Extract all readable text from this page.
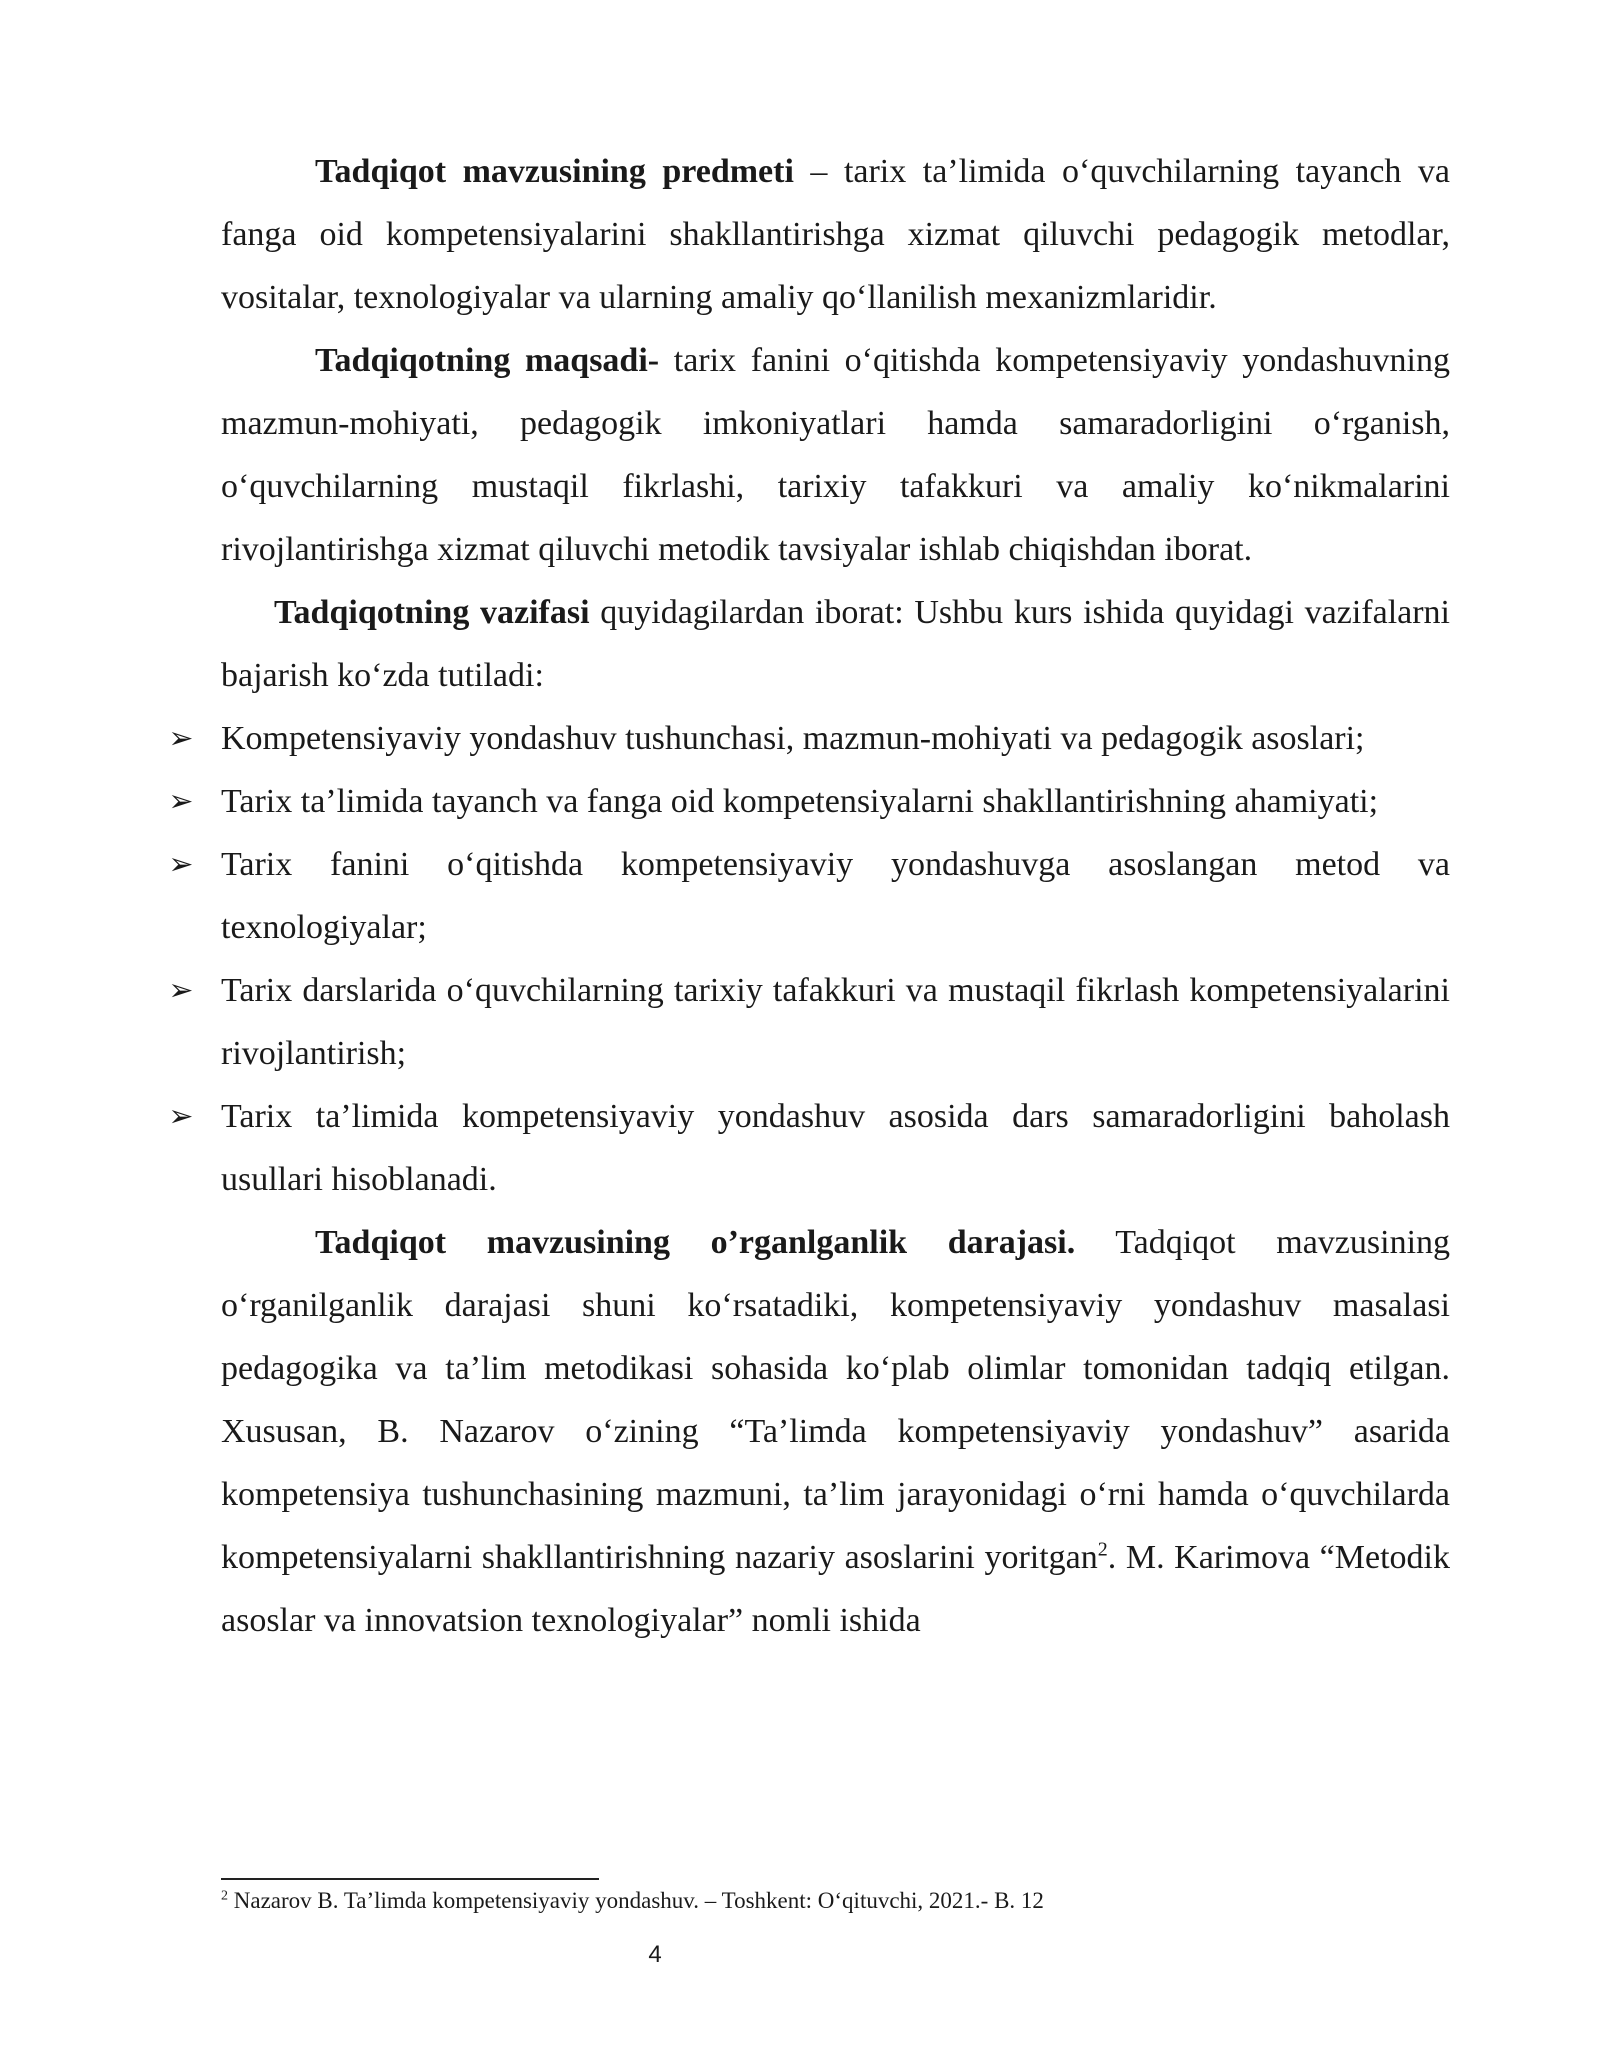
Tadqiqot mavzusining predmeti – tarix ta’limida o‘quvchilarning tayanch va fanga oid kompetensiyalarini shakllantirishga xizmat qiluvchi pedagogik metodlar, vositalar, texnologiyalar va ularning amaliy qo‘llanilish mexanizmlaridir.

Tadqiqotning maqsadi- tarix fanini o‘qitishda kompetensiyaviy yondashuvning mazmun-mohiyati, pedagogik imkoniyatlari hamda samaradorligini o‘rganish, o‘quvchilarning mustaqil fikrlashi, tarixiy tafakkuri va amaliy ko‘nikmalarini rivojlantirishga xizmat qiluvchi metodik tavsiyalar ishlab chiqishdan iborat.

Tadqiqotning vazifasi quyidagilardan iborat: Ushbu kurs ishida quyidagi vazifalarni bajarish ko‘zda tutiladi:

➢ Kompetensiyaviy yondashuv tushunchasi, mazmun-mohiyati va pedagogik asoslari;
➢ Tarix ta’limida tayanch va fanga oid kompetensiyalarni shakllantirishning ahamiyati;
➢ Tarix fanini o‘qitishda kompetensiyaviy yondashuvga asoslangan metod va texnologiyalar;
➢ Tarix darslarida o‘quvchilarning tarixiy tafakkuri va mustaqil fikrlash kompetensiyalarini rivojlantirish;
➢ Tarix ta’limida kompetensiyaviy yondashuv asosida dars samaradorligini baholash usullari hisoblanadi.

Tadqiqot mavzusining o’rganlganlik darajasi. Tadqiqot mavzusining o‘rganilganlik darajasi shuni ko‘rsatadiki, kompetensiyaviy yondashuv masalasi pedagogika va ta’lim metodikasi sohasida ko‘plab olimlar tomonidan tadqiq etilgan. Xususan, B. Nazarov o‘zining “Ta’limda kompetensiyaviy yondashuv” asarida kompetensiya tushunchasining mazmuni, ta’lim jarayonidagi o‘rni hamda o‘quvchilarda kompetensiyalarni shakllantirishning nazariy asoslarini yoritgan$^2$. M. Karimova “Metodik asoslar va innovatsion texnologiyalar” nomli ishida

$^2$ Nazarov B. Ta’limda kompetensiyaviy yondashuv. – Toshkent: O‘qituvchi, 2021.- B. 12
4
